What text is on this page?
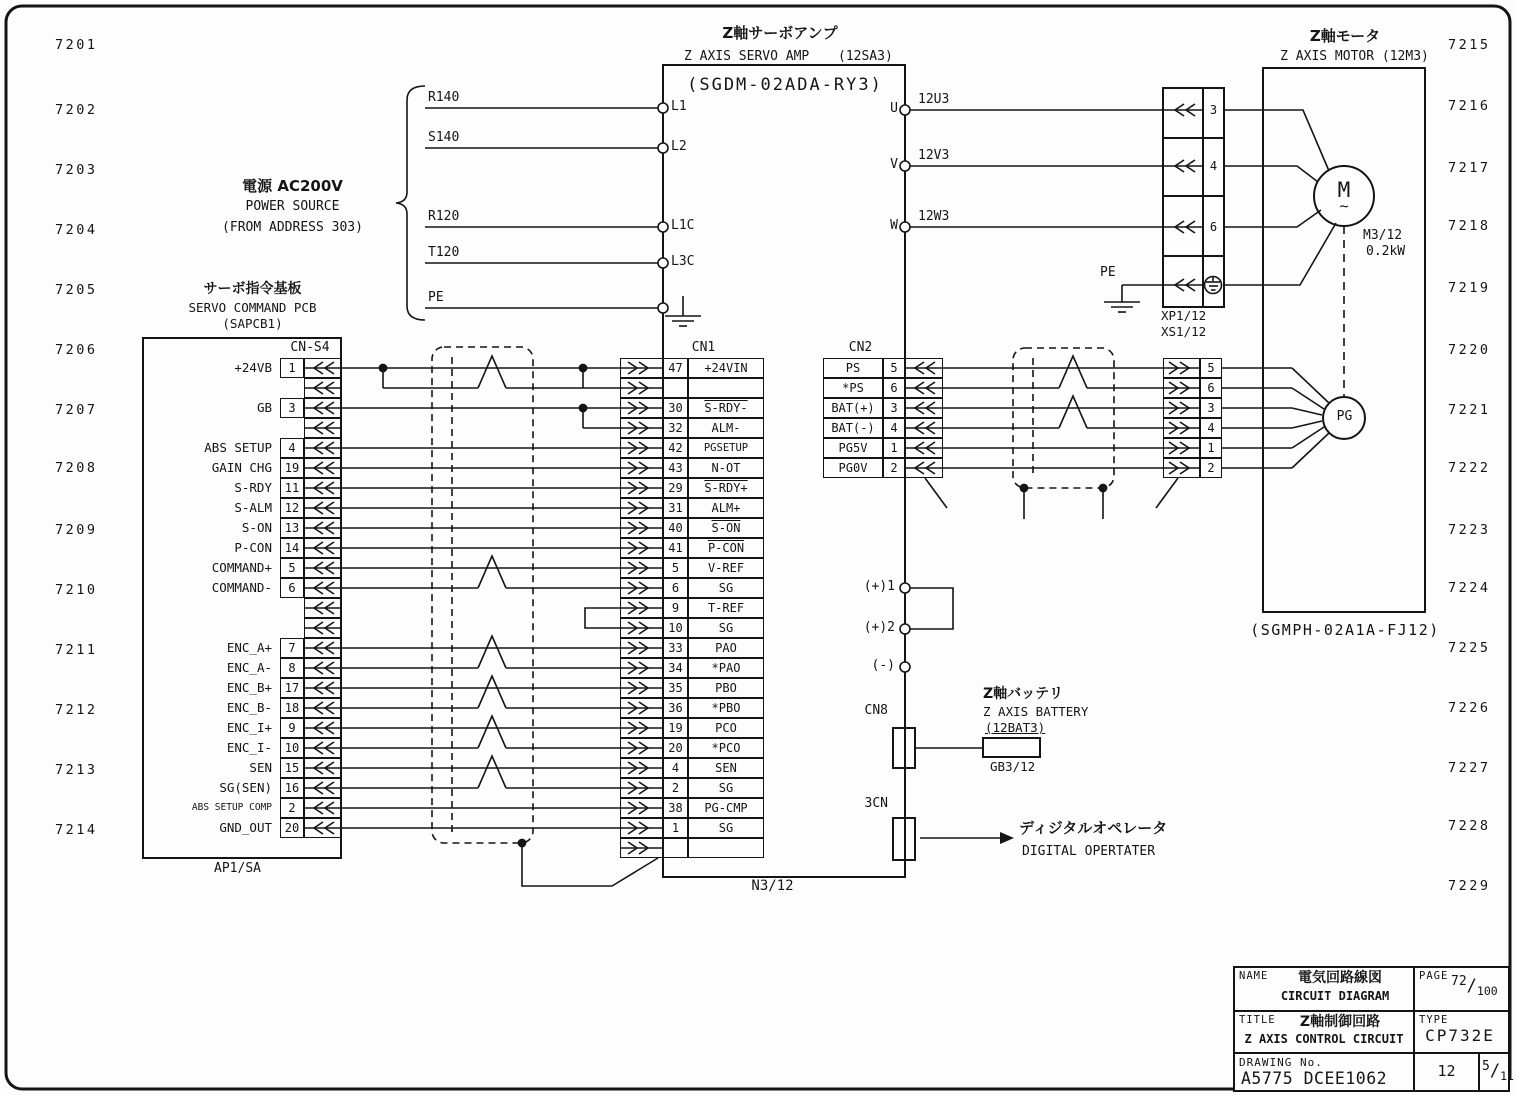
Z軸サーボアンプ
Z AXIS SERVO AMP (12SA3)
(SGDM-02ADA-RY3)
電源 AC200V
POWER SOURCE
(FROM ADDRESS 303)
サーボ指令基板
SERVO COMMAND PCB
(SAPCB1)
CN-S4
AP1/SA
CN1	CN2
N3/12
PE
Z軸モータ
Z AXIS MOTOR (12M3)
M
∼
M3/12
0.2kW
PG
(SGMPH-02A1A-FJ12)
XP1/12
XS1/12
CN8
Z軸バッテリ
Z AXIS BATTERY
(12BAT3)
GB3/12
3CN
ディジタルオペレータ
DIGITAL OPERTATER
NAME	電気回路線図
CIRCUIT DIAGRAM
PAGE $^{72}/_{100}$
TITLE	Z軸制御回路
Z AXIS CONTROL CIRCUIT
TYPE
CP732E
DRAWING No.
A5775 DCEE1062	12	$^5/_{11}$
7201
7202
7203
7204
7205
7206
7207
7208
7209
7210
7211
7212
7213
7214
7215
7216
7217
7218
7219
7220
7221
7222
7223
7224
7225
7226
7227
7228
7229
R140
S140
R120
T120
PE
L1
L2
L1C
L3C
U
V
W
12U3
12V3
12W3
(+)1
(+)2
(-)
+24VB	1
GB	3
ABS SETUP	4
GAIN CHG	19
S-RDY	11
S-ALM	12
S-ON	13
P-CON	14
COMMAND+	5
COMMAND-	6
ENC_A+	7
ENC_A-	8
ENC_B+	17
ENC_B-	18
ENC_I+	9
ENC_I-	10
SEN	15
SG(SEN)	16
ABS SETUP COMP	2
GND_OUT	20
47	+24VIN
30	S-RDY-
32	ALM-
42	PGSETUP
43	N-OT
29	S-RDY+
31	ALM+
40	S-ON
41	P-CON
5	V-REF
6	SG
9	T-REF
10	SG
33	PAO
34	*PAO
35	PBO
36	*PBO
19	PCO
20	*PCO
4	SEN
2	SG
38	PG-CMP
1	SG
PS	5
*PS	6
BAT(+)	3
BAT(-)	4
PG5V	1
PG0V	2
5
6
3
4
1
2
3
4
6
